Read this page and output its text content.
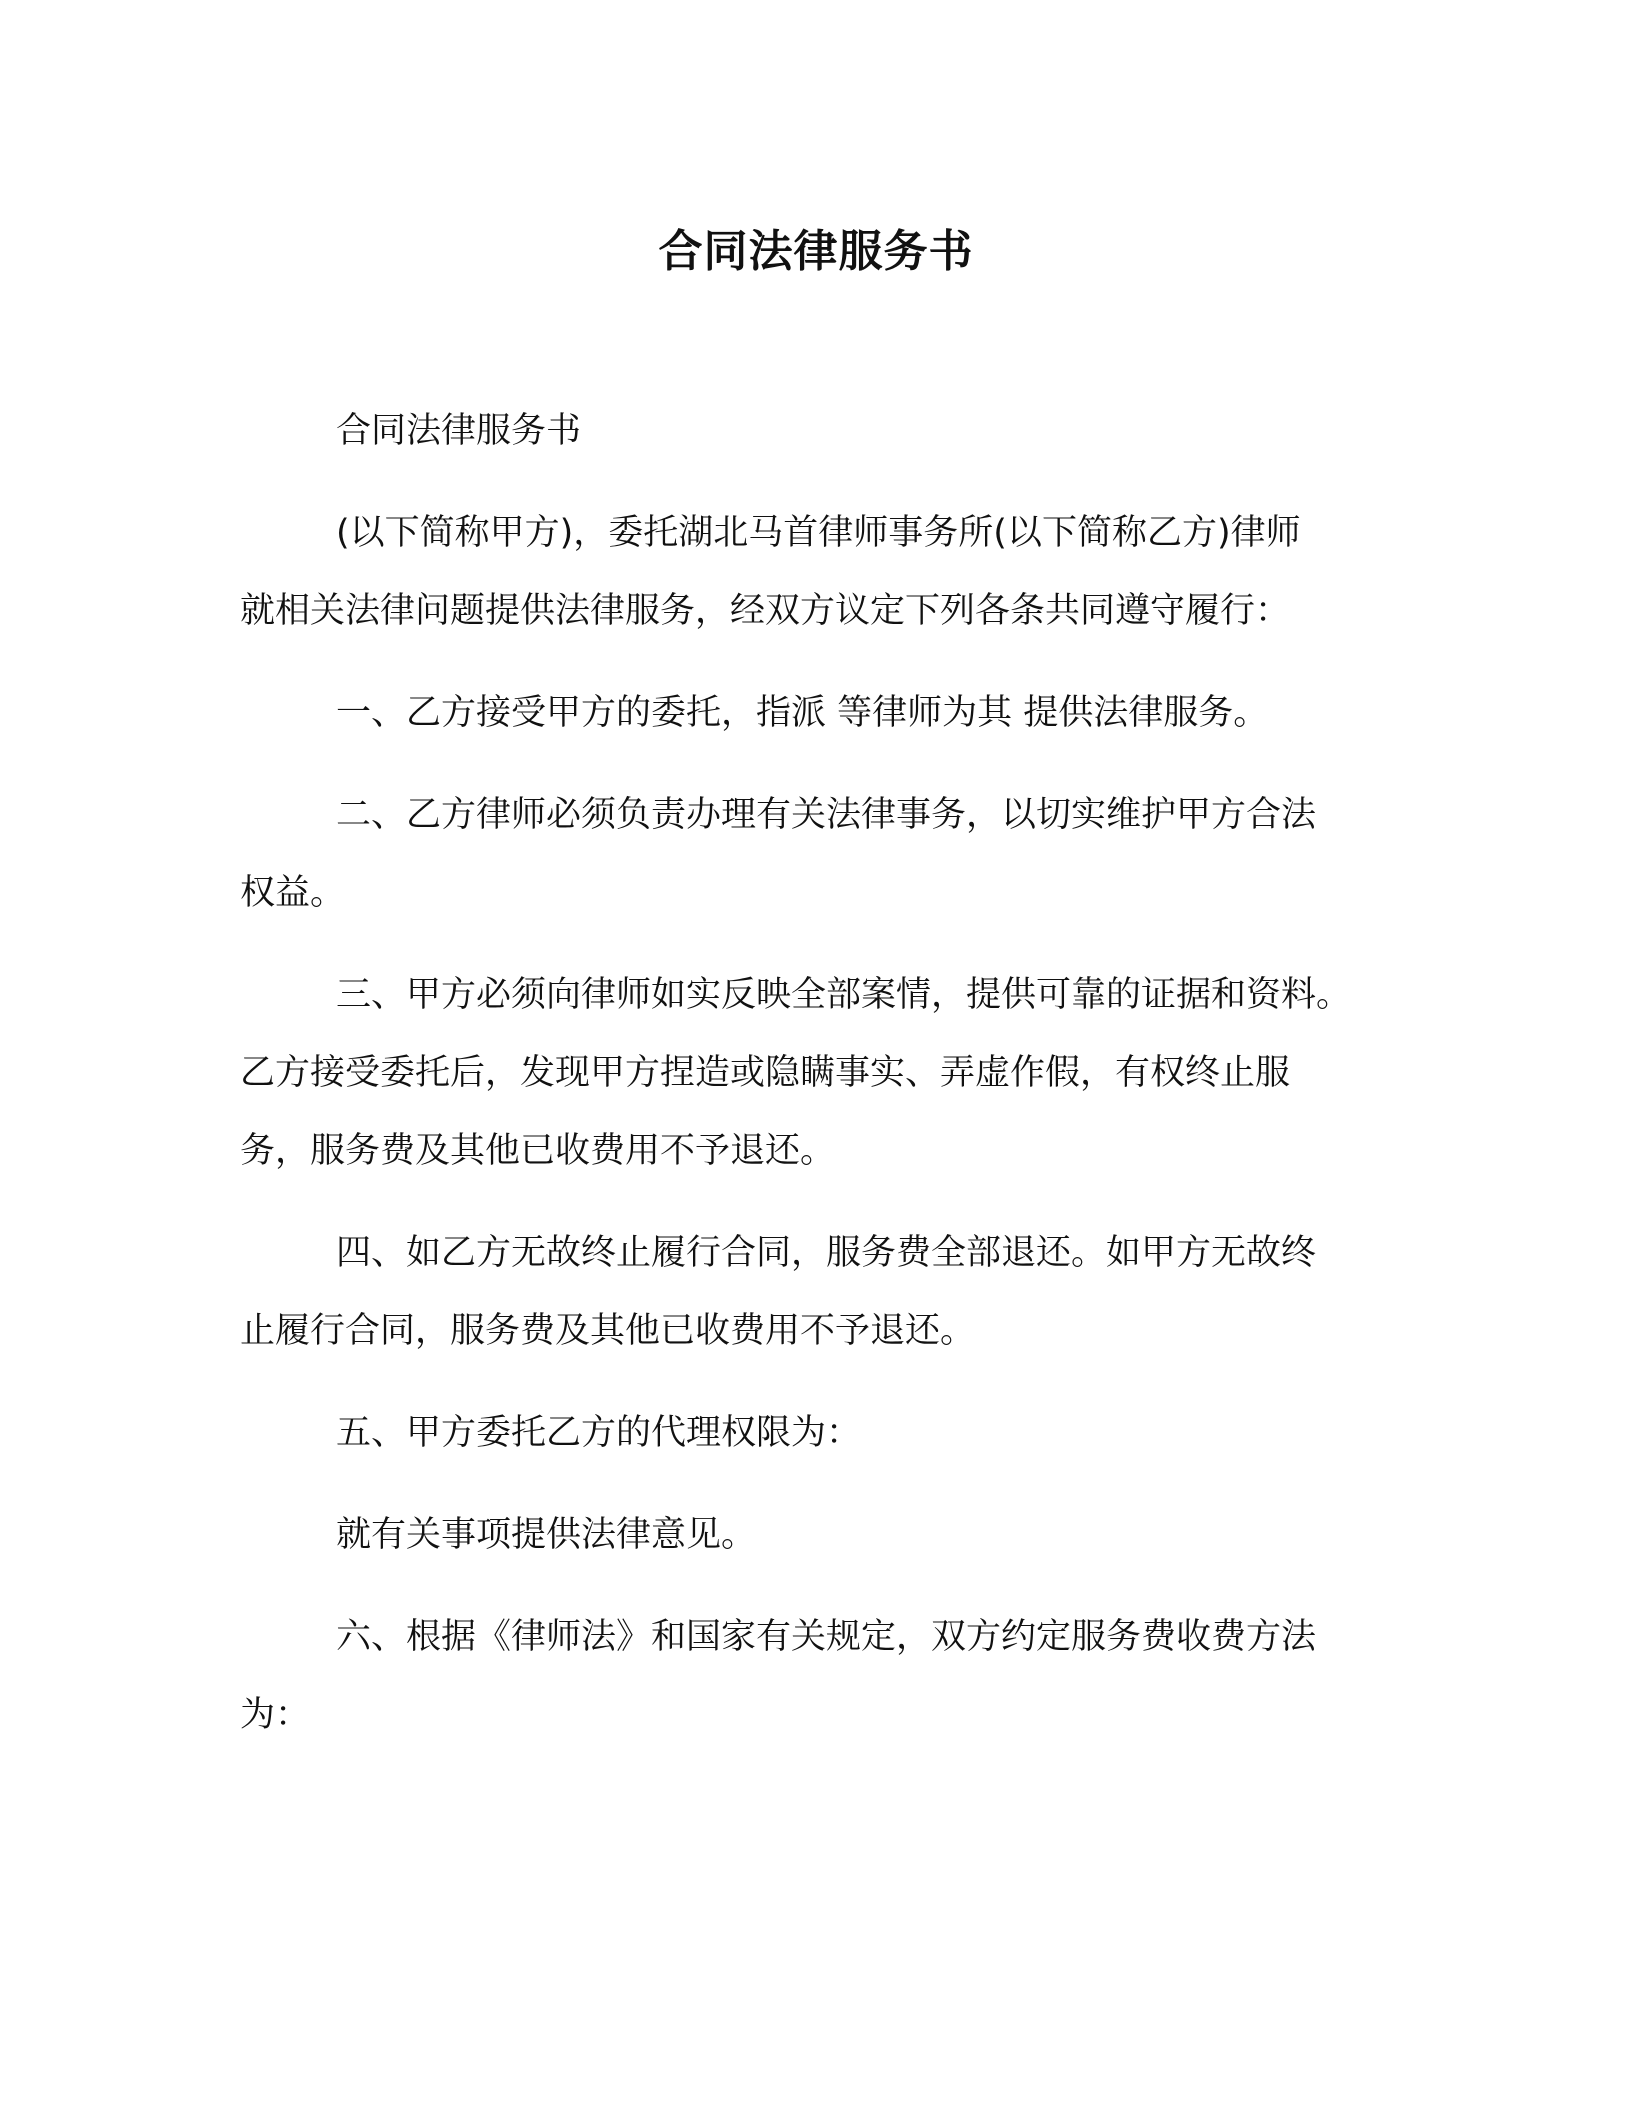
合同法律服务书

合同法律服务书

(以下简称甲方)，委托湖北马首律师事务所(以下简称乙方)律师
就相关法律问题提供法律服务，经双方议定下列各条共同遵守履行：

一、乙方接受甲方的委托，指派 等律师为其 提供法律服务。

二、乙方律师必须负责办理有关法律事务，以切实维护甲方合法
权益。

三、甲方必须向律师如实反映全部案情，提供可靠的证据和资料。
乙方接受委托后，发现甲方捏造或隐瞒事实、弄虚作假，有权终止服
务，服务费及其他已收费用不予退还。

四、如乙方无故终止履行合同，服务费全部退还。如甲方无故终
止履行合同，服务费及其他已收费用不予退还。

五、甲方委托乙方的代理权限为：

就有关事项提供法律意见。

六、根据《律师法》和国家有关规定，双方约定服务费收费方法
为：
